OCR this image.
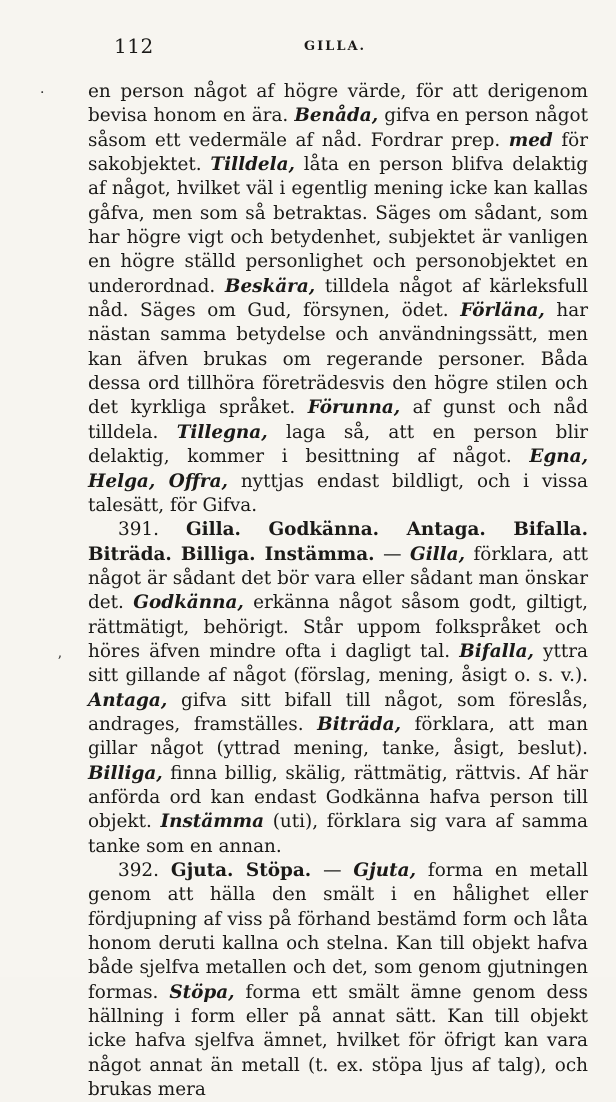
112	GILLA.
·
ʼ

en person något af högre värde, för att derigenom bevisa honom en ära. Benåda, gifva en person något såsom ett vedermäle af nåd. Fordrar prep. med för sakobjektet. Tilldela, låta en person blifva delaktig af något, hvilket väl i egentlig mening icke kan kallas gåfva, men som så betraktas. Säges om sådant, som har högre vigt och betydenhet, subjektet är vanligen en högre ställd personlighet och personobjektet en underordnad. Beskära, tilldela något af kärleksfull nåd. Säges om Gud, försynen, ödet. Förläna, har nästan samma betydelse och användningssätt, men kan äfven brukas om regerande personer. Båda dessa ord tillhöra företrädesvis den högre stilen och det kyrkliga språket. Förunna, af gunst och nåd tilldela. Tillegna, laga så, att en person blir delaktig, kommer i besittning af något. Egna, Helga, Offra, nyttjas endast bildligt, och i vissa talesätt, för Gifva.

391. Gilla. Godkänna. Antaga. Bifalla. Biträda. Billiga. Instämma. — Gilla, förklara, att något är sådant det bör vara eller sådant man önskar det. Godkänna, erkänna något såsom godt, giltigt, rättmätigt, behörigt. Står uppom folkspråket och höres äfven mindre ofta i dagligt tal. Bifalla, yttra sitt gillande af något (förslag, mening, åsigt o. s. v.). Antaga, gifva sitt bifall till något, som föreslås, andrages, framställes. Biträda, förklara, att man gillar något (yttrad mening, tanke, åsigt, beslut). Billiga, finna billig, skälig, rättmätig, rättvis. Af här anförda ord kan endast Godkänna hafva person till objekt. Instämma (uti), förklara sig vara af samma tanke som en annan.

392. Gjuta. Stöpa. — Gjuta, forma en metall genom att hälla den smält i en hålighet eller fördjupning af viss på förhand bestämd form och låta honom deruti kallna och stelna. Kan till objekt hafva både sjelfva metallen och det, som genom gjutningen formas. Stöpa, forma ett smält ämne genom dess hällning i form eller på annat sätt. Kan till objekt icke hafva sjelfva ämnet, hvilket för öfrigt kan vara något annat än metall (t. ex. stöpa ljus af talg), och brukas mera
